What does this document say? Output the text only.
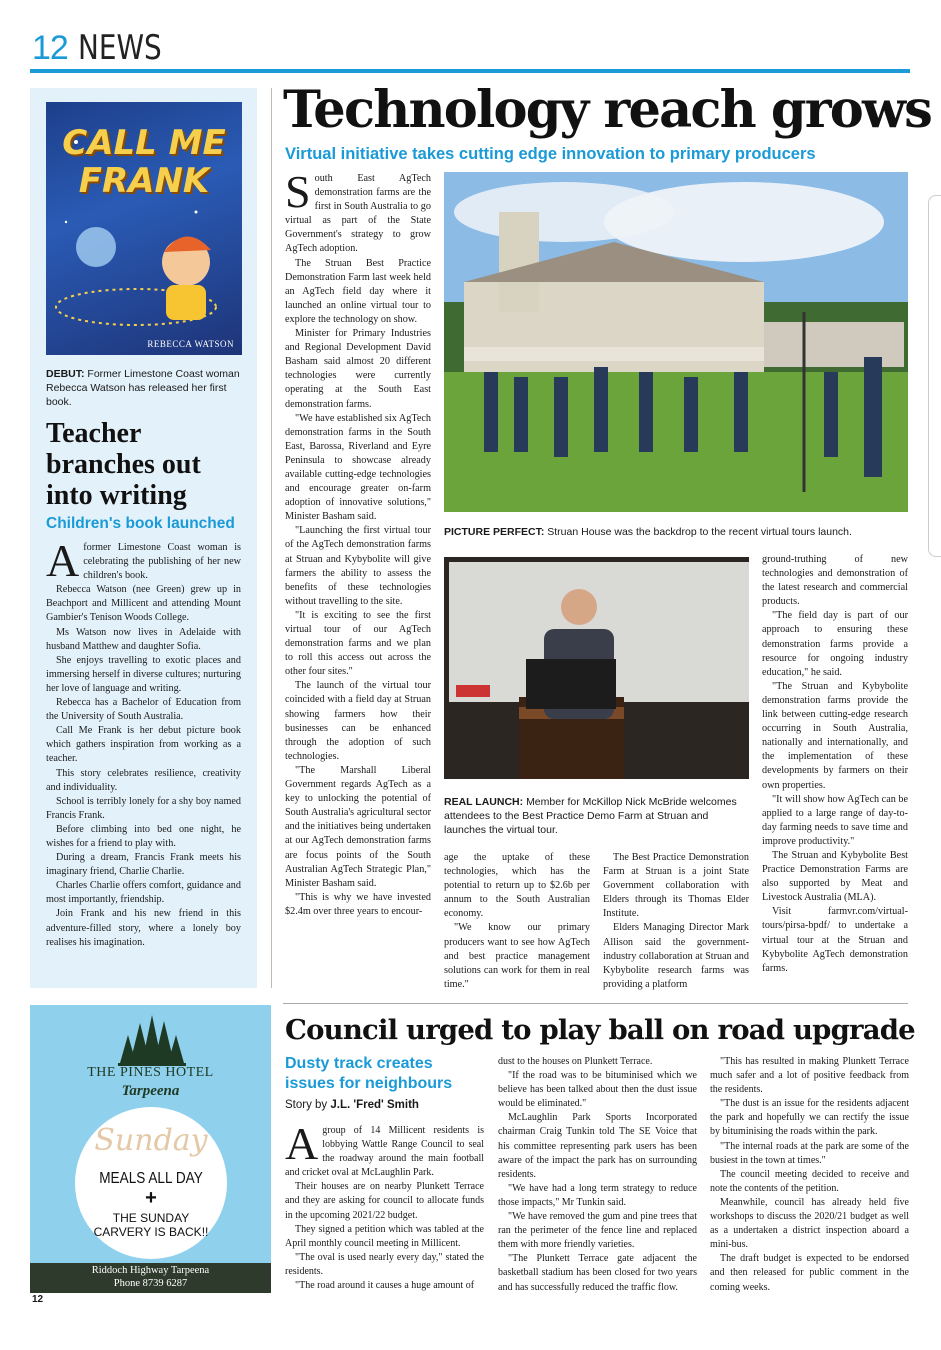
12 NEWS
CALL ME FRANK
REBECCA WATSON
DEBUT: Former Limestone Coast woman Rebecca Watson has released her first book.
Teacher branches out into writing
Children's book launched

Aformer Limestone Coast woman is celebrating the publishing of her new children's book.

Rebecca Watson (nee Green) grew up in Beachport and Millicent and attending Mount Gambier's Tenison Woods College.

Ms Watson now lives in Adelaide with husband Matthew and daughter Sofia.

She enjoys travelling to exotic places and immersing herself in diverse cultures; nurturing her love of language and writing.

Rebecca has a Bachelor of Education from the University of South Australia.

Call Me Frank is her debut picture book which gathers inspiration from working as a teacher.

This story celebrates resilience, creativity and individuality.

School is terribly lonely for a shy boy named Francis Frank.

Before climbing into bed one night, he wishes for a friend to play with.

During a dream, Francis Frank meets his imaginary friend, Charlie Charlie.

Charles Charlie offers comfort, guidance and most importantly, friendship.

Join Frank and his new friend in this adventure-filled story, where a lonely boy realises his imagination.

Technology reach grows
Virtual initiative takes cutting edge innovation to primary producers

South East AgTech demonstration farms are the first in South Australia to go virtual as part of the State Government's strategy to grow AgTech adoption.

The Struan Best Practice Demonstration Farm last week held an AgTech field day where it launched an online virtual tour to explore the technology on show.

Minister for Primary Industries and Regional Development David Basham said almost 20 different technologies were currently operating at the South East demonstration farms.

"We have established six AgTech demonstration farms in the South East, Barossa, Riverland and Eyre Peninsula to showcase already available cutting-edge technologies and encourage greater on-farm adoption of innovative solutions," Minister Basham said.

"Launching the first virtual tour of the AgTech demonstration farms at Struan and Kybybolite will give farmers the ability to assess the benefits of these technologies without travelling to the site.

"It is exciting to see the first virtual tour of our AgTech demonstration farms and we plan to roll this access out across the other four sites."

The launch of the virtual tour coincided with a field day at Struan showing farmers how their businesses can be enhanced through the adoption of such technologies.

"The Marshall Liberal Government regards AgTech as a key to unlocking the potential of South Australia's agricultural sector and the initiatives being undertaken at our AgTech demonstration farms are focus points of the South Australian AgTech Strategic Plan," Minister Basham said.

"This is why we have invested $2.4m over three years to encour-

PICTURE PERFECT: Struan House was the backdrop to the recent virtual tours launch.
REAL LAUNCH: Member for McKillop Nick McBride welcomes attendees to the Best Practice Demo Farm at Struan and launches the virtual tour.

age the uptake of these technologies, which has the potential to return up to $2.6b per annum to the South Australian economy.

"We know our primary producers want to see how AgTech and best practice management solutions can work for them in real time."

The Best Practice Demonstration Farm at Struan is a joint State Government collaboration with Elders through its Thomas Elder Institute.

Elders Managing Director Mark Allison said the government-industry collaboration at Struan and Kybybolite research farms was providing a platform

ground-truthing of new technologies and demonstration of the latest research and commercial products.

"The field day is part of our approach to ensuring these demonstration farms provide a resource for ongoing industry education," he said.

"The Struan and Kybybolite demonstration farms provide the link between cutting-edge research occurring in South Australia, nationally and internationally, and the implementation of these developments by farmers on their own properties.

"It will show how AgTech can be applied to a large range of day-to-day farming needs to save time and improve productivity."

The Struan and Kybybolite Best Practice Demonstration Farms are also supported by Meat and Livestock Australia (MLA).

Visit farmvr.com/virtual-tours/pirsa-bpdf/ to undertake a virtual tour at the Struan and Kybybolite AgTech demonstration farms.

THE PINES HOTEL
Tarpeena
Sunday
MEALS ALL DAY
+
THE SUNDAY CARVERY IS BACK!!
Riddoch Highway Tarpeena
Phone 8739 6287
Council urged to play ball on road upgrade
Dusty track creates issues for neighbours
Story by J.L. 'Fred' Smith

Agroup of 14 Millicent residents is lobbying Wattle Range Council to seal the roadway around the main football and cricket oval at McLaughlin Park.

Their houses are on nearby Plunkett Terrace and they are asking for council to allocate funds in the upcoming 2021/22 budget.

They signed a petition which was tabled at the April monthly council meeting in Millicent.

"The oval is used nearly every day," stated the residents.

"The road around it causes a huge amount of

dust to the houses on Plunkett Terrace.

"If the road was to be bituminised which we believe has been talked about then the dust issue would be eliminated."

McLaughlin Park Sports Incorporated chairman Craig Tunkin told The SE Voice that his committee representing park users has been aware of the impact the park has on surrounding residents.

"We have had a long term strategy to reduce those impacts," Mr Tunkin said.

"We have removed the gum and pine trees that ran the perimeter of the fence line and replaced them with more friendly varieties.

"The Plunkett Terrace gate adjacent the basketball stadium has been closed for two years and has successfully reduced the traffic flow.

"This has resulted in making Plunkett Terrace much safer and a lot of positive feedback from the residents.

"The dust is an issue for the residents adjacent the park and hopefully we can rectify the issue by bituminising the roads within the park.

"The internal roads at the park are some of the busiest in the town at times."

The council meeting decided to receive and note the contents of the petition.

Meanwhile, council has already held five workshops to discuss the 2020/21 budget as well as a undertaken a district inspection aboard a mini-bus.

The draft budget is expected to be endorsed and then released for public comment in the coming weeks.

12
